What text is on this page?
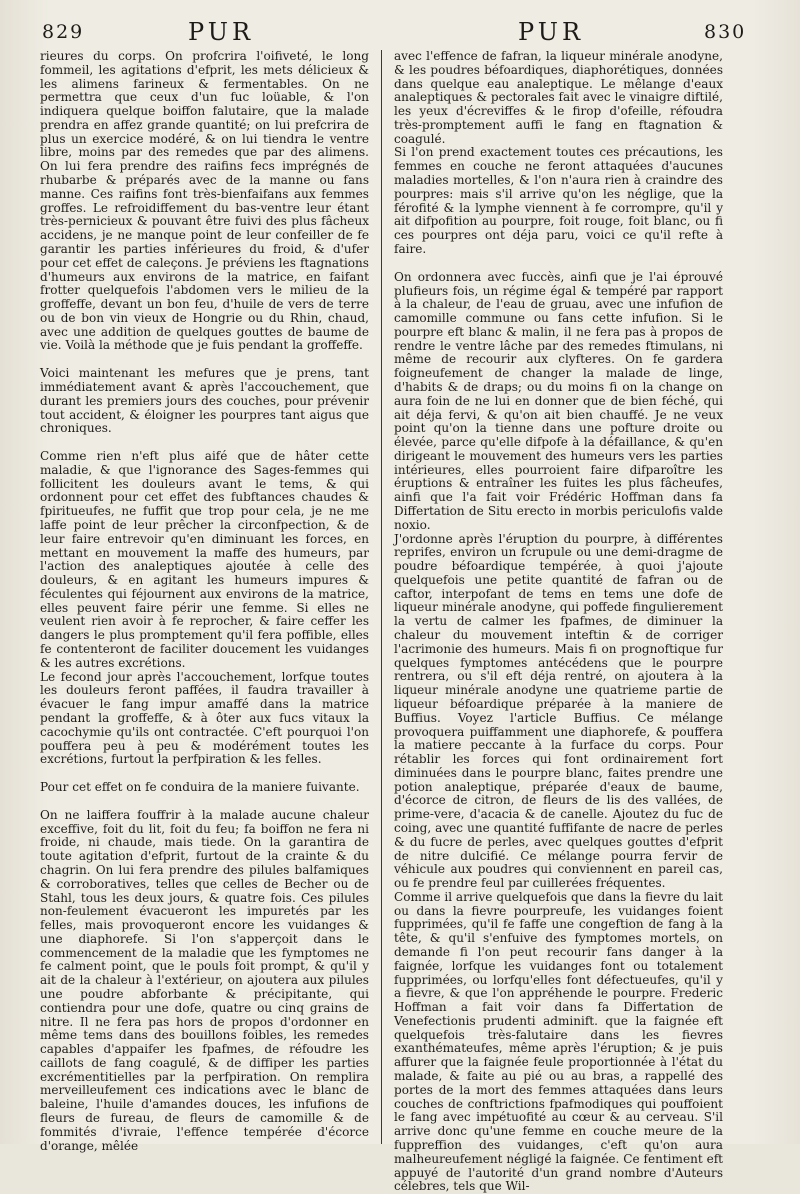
829	PUR	PUR	830

rieures du corps. On profcrira l'oifiveté, le long fommeil, les agitations d'efprit, les mets délicieux & les alimens farineux & fermentables. On ne permettra que ceux d'un fuc loüable, & l'on indiquera quelque boiffon falutaire, que la malade prendra en affez grande quantité; on lui prefcrira de plus un exercice modéré, & on lui tiendra le ventre libre, moins par des remedes que par des alimens. On lui fera prendre des raifins fecs imprégnés de rhubarbe & préparés avec de la manne ou fans manne. Ces raifins font très-bienfaifans aux femmes groffes. Le refroidiffement du bas-ventre leur étant très-pernicieux & pouvant être fuivi des plus fâcheux accidens, je ne manque point de leur confeiller de fe garantir les parties inférieures du froid, & d'ufer pour cet effet de caleçons. Je préviens les ftagnations d'humeurs aux environs de la matrice, en faifant frotter quelquefois l'abdomen vers le milieu de la groffeffe, devant un bon feu, d'huile de vers de terre ou de bon vin vieux de Hongrie ou du Rhin, chaud, avec une addition de quelques gouttes de baume de vie. Voilà la méthode que je fuis pendant la groffeffe.

Voici maintenant les mefures que je prens, tant immédiatement avant & après l'accouchement, que durant les premiers jours des couches, pour prévenir tout accident, & éloigner les pourpres tant aigus que chroniques.

Comme rien n'eft plus aifé que de hâter cette maladie, & que l'ignorance des Sages-femmes qui follicitent les douleurs avant le tems, & qui ordonnent pour cet effet des fubftances chaudes & fpiritueufes, ne fuffit que trop pour cela, je ne me laffe point de leur prêcher la circonfpection, & de leur faire entrevoir qu'en diminuant les forces, en mettant en mouvement la maffe des humeurs, par l'action des analeptiques ajoutée à celle des douleurs, & en agitant les humeurs impures & féculentes qui féjournent aux environs de la matrice, elles peuvent faire périr une femme. Si elles ne veulent rien avoir à fe reprocher, & faire ceffer les dangers le plus promptement qu'il fera poffible, elles fe contenteront de faciliter doucement les vuidanges & les autres excrétions.

Le fecond jour après l'accouchement, lorfque toutes les douleurs feront paffées, il faudra travailler à évacuer le fang impur amaffé dans la matrice pendant la groffeffe, & à ôter aux fucs vitaux la cacochymie qu'ils ont contractée. C'eft pourquoi l'on pouffera peu à peu & modérément toutes les excrétions, furtout la perfpiration & les felles.

Pour cet effet on fe conduira de la maniere fuivante.

On ne laiffera fouffrir à la malade aucune chaleur exceffive, foit du lit, foit du feu; fa boiffon ne fera ni froide, ni chaude, mais tiede. On la garantira de toute agitation d'efprit, furtout de la crainte & du chagrin. On lui fera prendre des pilules balfamiques & corroboratives, telles que celles de Becher ou de Stahl, tous les deux jours, & quatre fois. Ces pilules non-feulement évacueront les impuretés par les felles, mais provoqueront encore les vuidanges & une diaphorefe. Si l'on s'apperçoit dans le commencement de la maladie que les fymptomes ne fe calment point, que le pouls foit prompt, & qu'il y ait de la chaleur à l'extérieur, on ajoutera aux pilules une poudre abforbante & précipitante, qui contiendra pour une dofe, quatre ou cinq grains de nitre. Il ne fera pas hors de propos d'ordonner en même tems dans des bouillons foibles, les remedes capables d'appaifer les fpafmes, de réfoudre les caillots de fang coagulé, & de diffiper les parties excrémentitielles par la perfpiration. On remplira merveilleufement ces indications avec le blanc de baleine, l'huile d'amandes douces, les infufions de fleurs de fureau, de fleurs de camomille & de fommités d'ivraie, l'effence tempérée d'écorce d'orange, mêlée

avec l'effence de fafran, la liqueur minérale anodyne, & les poudres béfoardiques, diaphorétiques, données dans quelque eau analeptique. Le mêlange d'eaux analeptiques & pectorales fait avec le vinaigre diftilé, les yeux d'écreviffes & le firop d'ofeille, réfoudra très-promptement auffi le fang en ftagnation & coagulé.

Si l'on prend exactement toutes ces précautions, les femmes en couche ne feront attaquées d'aucunes maladies mortelles, & l'on n'aura rien à craindre des pourpres: mais s'il arrive qu'on les néglige, que la férofité & la lymphe viennent à fe corrompre, qu'il y ait difpofition au pourpre, foit rouge, foit blanc, ou fi ces pourpres ont déja paru, voici ce qu'il refte à faire.

On ordonnera avec fuccès, ainfi que je l'ai éprouvé plufieurs fois, un régime égal & tempéré par rapport à la chaleur, de l'eau de gruau, avec une infufion de camomille commune ou fans cette infufion. Si le pourpre eft blanc & malin, il ne fera pas à propos de rendre le ventre lâche par des remedes ftimulans, ni même de recourir aux clyfteres. On fe gardera foigneufement de changer la malade de linge, d'habits & de draps; ou du moins fi on la change on aura foin de ne lui en donner que de bien féché, qui ait déja fervi, & qu'on ait bien chauffé. Je ne veux point qu'on la tienne dans une pofture droite ou élevée, parce qu'elle difpofe à la défaillance, & qu'en dirigeant le mouvement des humeurs vers les parties intérieures, elles pourroient faire difparoître les éruptions & entraîner les fuites les plus fâcheufes, ainfi que l'a fait voir Frédéric Hoffman dans fa Differtation de Situ erecto in morbis periculofis valde noxio.

J'ordonne après l'éruption du pourpre, à différentes reprifes, environ un fcrupule ou une demi-dragme de poudre béfoardique tempérée, à quoi j'ajoute quelquefois une petite quantité de fafran ou de caftor, interpofant de tems en tems une dofe de liqueur minérale anodyne, qui poffede fingulierement la vertu de calmer les fpafmes, de diminuer la chaleur du mouvement inteftin & de corriger l'acrimonie des humeurs. Mais fi on prognoftique fur quelques fymptomes antécédens que le pourpre rentrera, ou s'il eft déja rentré, on ajoutera à la liqueur minérale anodyne une quatrieme partie de liqueur béfoardique préparée à la maniere de Buffius. Voyez l'article Buffius. Ce mélange provoquera puiffamment une diaphorefe, & pouffera la matiere peccante à la furface du corps. Pour rétablir les forces qui font ordinairement fort diminuées dans le pourpre blanc, faites prendre une potion analeptique, préparée d'eaux de baume, d'écorce de citron, de fleurs de lis des vallées, de prime-vere, d'acacia & de canelle. Ajoutez du fuc de coing, avec une quantité fuffifante de nacre de perles & du fucre de perles, avec quelques gouttes d'efprit de nitre dulcifié. Ce mélange pourra fervir de véhicule aux poudres qui conviennent en pareil cas, ou fe prendre feul par cuillerées fréquentes.

Comme il arrive quelquefois que dans la fievre du lait ou dans la fievre pourpreufe, les vuidanges foient fupprimées, qu'il fe faffe une congeftion de fang à la tête, & qu'il s'enfuive des fymptomes mortels, on demande fi l'on peut recourir fans danger à la faignée, lorfque les vuidanges font ou totalement fupprimées, ou lorfqu'elles font défectueufes, qu'il y a fievre, & que l'on appréhende le pourpre. Frederic Hoffman a fait voir dans fa Differtation de Venefectionis prudenti adminift. que la faignée eft quelquefois très-falutaire dans les fievres exanthémateufes, même après l'éruption; & je puis affurer que la faignée feule proportionnée à l'état du malade, & faite au pié ou au bras, a rappellé des portes de la mort des femmes attaquées dans leurs couches de conftrictions fpafmodiques qui pouffoient le fang avec impétuofité au cœur & au cerveau. S'il arrive donc qu'une femme en couche meure de la fuppreffion des vuidanges, c'eft qu'on aura malheureufement négligé la faignée. Ce fentiment eft appuyé de l'autorité d'un grand nombre d'Auteurs célebres, tels que Wil-
